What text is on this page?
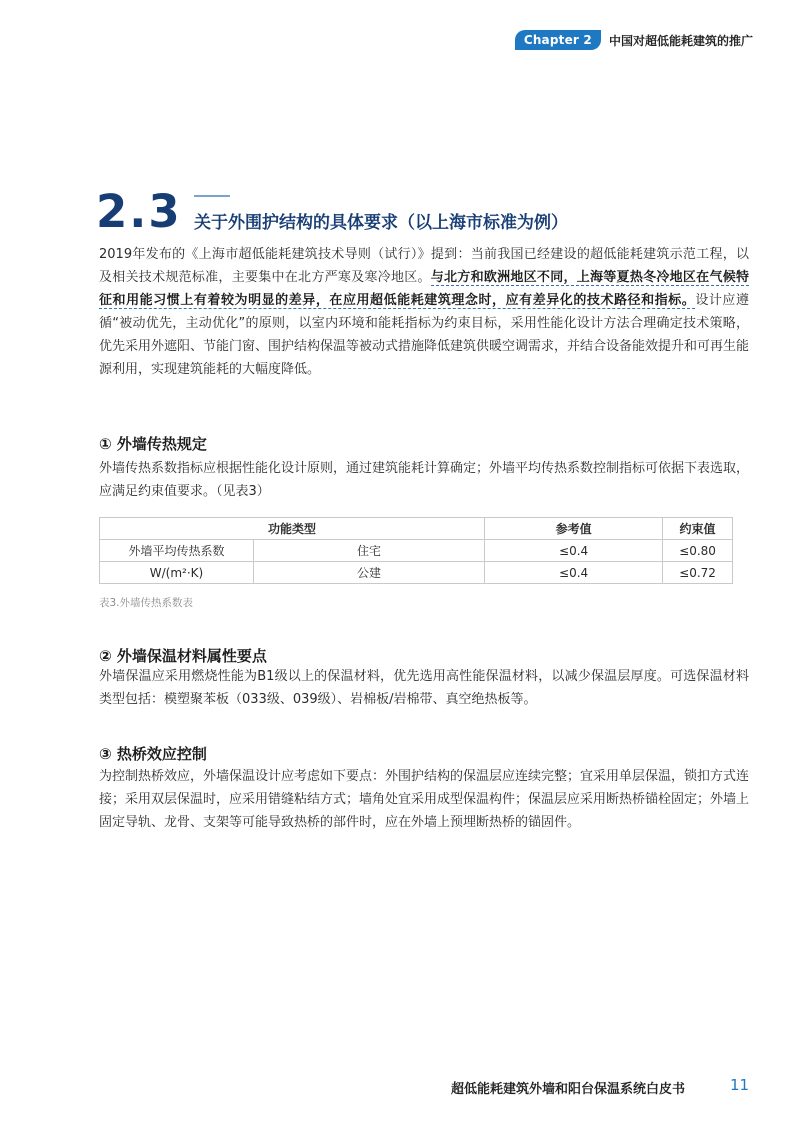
Chapter 2	中国对超低能耗建筑的推广
2.3 关于外围护结构的具体要求（以上海市标准为例）
2019年发布的《上海市超低能耗建筑技术导则（试行）》提到：当前我国已经建设的超低能耗建筑示范工程，以及相关技术规范标准，主要集中在北方严寒及寒冷地区。与北方和欧洲地区不同，上海等夏热冬冷地区在气候特征和用能习惯上有着较为明显的差异，在应用超低能耗建筑理念时，应有差异化的技术路径和指标。设计应遵循“被动优先，主动优化”的原则，以室内环境和能耗指标为约束目标，采用性能化设计方法合理确定技术策略，优先采用外遮阳、节能门窗、围护结构保温等被动式措施降低建筑供暖空调需求，并结合设备能效提升和可再生能源利用，实现建筑能耗的大幅度降低。
① 外墙传热规定
外墙传热系数指标应根据性能化设计原则，通过建筑能耗计算确定；外墙平均传热系数控制指标可依据下表选取，应满足约束值要求。（见表3）
功能类型		参考值	约束值
外墙平均传热系数	住宅	≤0.4	≤0.80
W/(m²·K)	公建	≤0.4	≤0.72
表3.外墙传热系数表
② 外墙保温材料属性要点
外墙保温应采用燃烧性能为B1级以上的保温材料，优先选用高性能保温材料，以减少保温层厚度。可选保温材料类型包括：模塑聚苯板（033级、039级）、岩棉板/岩棉带、真空绝热板等。
③ 热桥效应控制
为控制热桥效应，外墙保温设计应考虑如下要点：外围护结构的保温层应连续完整；宜采用单层保温，锁扣方式连接；采用双层保温时，应采用错缝粘结方式；墙角处宜采用成型保温构件；保温层应采用断热桥锚栓固定；外墙上固定导轨、龙骨、支架等可能导致热桥的部件时，应在外墙上预埋断热桥的锚固件。
超低能耗建筑外墙和阳台保温系统白皮书	11
